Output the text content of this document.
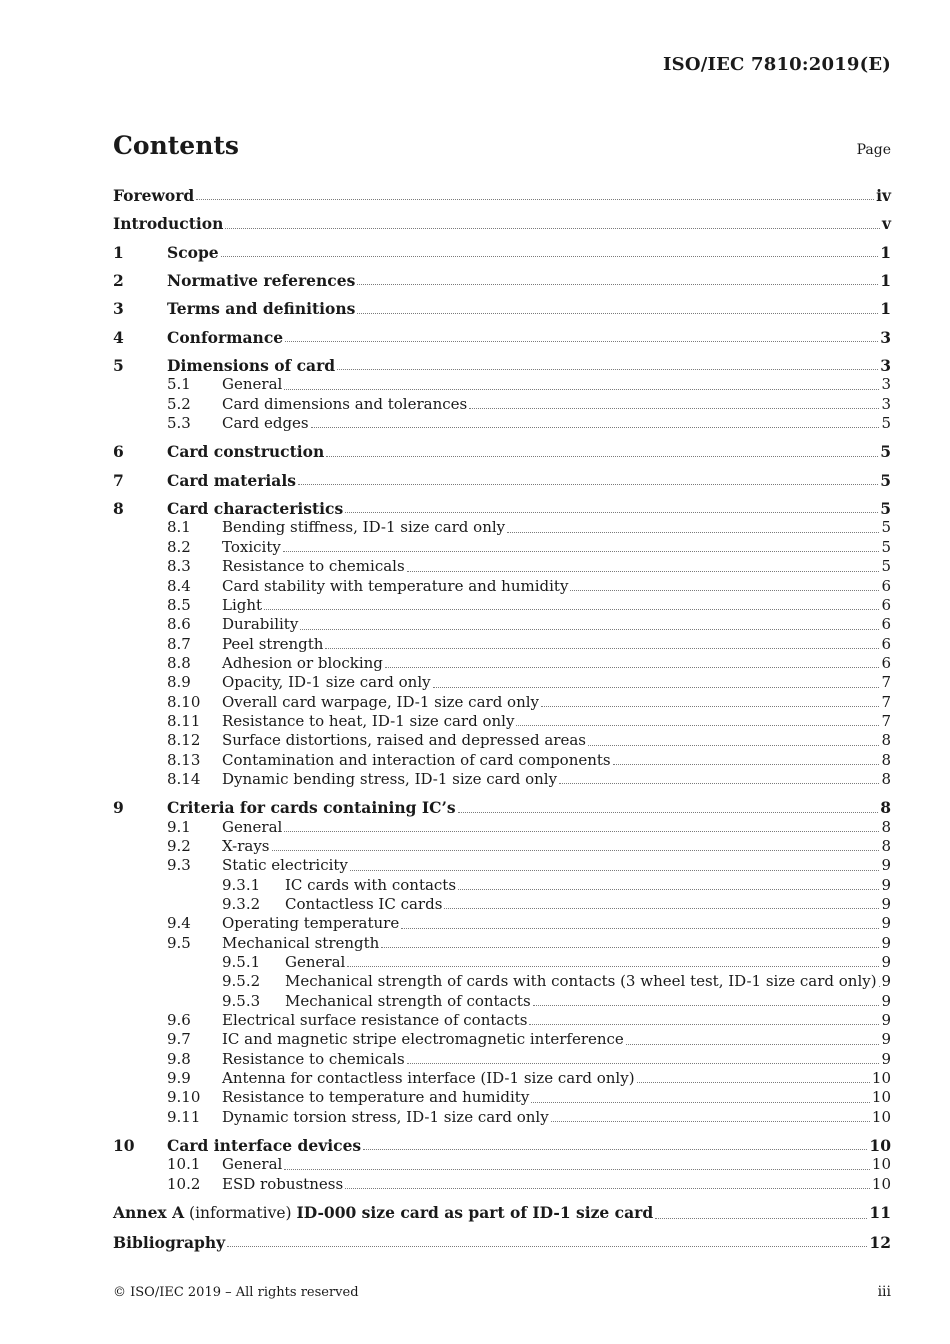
ISO/IEC 7810:2019(E)
Contents	Page
Foreword	iv
Introduction	v
1	Scope	1
2	Normative references	1
3	Terms and definitions	1
4	Conformance	3
5	Dimensions of card	3
5.1	General	3
5.2	Card dimensions and tolerances	3
5.3	Card edges	5
6	Card construction	5
7	Card materials	5
8	Card characteristics	5
8.1	Bending stiffness, ID-1 size card only	5
8.2	Toxicity	5
8.3	Resistance to chemicals	5
8.4	Card stability with temperature and humidity	6
8.5	Light	6
8.6	Durability	6
8.7	Peel strength	6
8.8	Adhesion or blocking	6
8.9	Opacity, ID-1 size card only	7
8.10	Overall card warpage, ID-1 size card only	7
8.11	Resistance to heat, ID-1 size card only	7
8.12	Surface distortions, raised and depressed areas	8
8.13	Contamination and interaction of card components	8
8.14	Dynamic bending stress, ID-1 size card only	8
9	Criteria for cards containing IC’s	8
9.1	General	8
9.2	X-rays	8
9.3	Static electricity	9
9.3.1	IC cards with contacts	9
9.3.2	Contactless IC cards	9
9.4	Operating temperature	9
9.5	Mechanical strength	9
9.5.1	General	9
9.5.2	Mechanical strength of cards with contacts (3 wheel test, ID-1 size card only) 9
9.5.3	Mechanical strength of contacts	9
9.6	Electrical surface resistance of contacts	9
9.7	IC and magnetic stripe electromagnetic interference	9
9.8	Resistance to chemicals	9
9.9	Antenna for contactless interface (ID-1 size card only)	10
9.10	Resistance to temperature and humidity	10
9.11	Dynamic torsion stress, ID-1 size card only	10
10	Card interface devices	10
10.1	General	10
10.2	ESD robustness	10
Annex A (informative) ID-000 size card as part of ID-1 size card	11
Bibliography	12
© ISO/IEC 2019 – All rights reserved	iii
